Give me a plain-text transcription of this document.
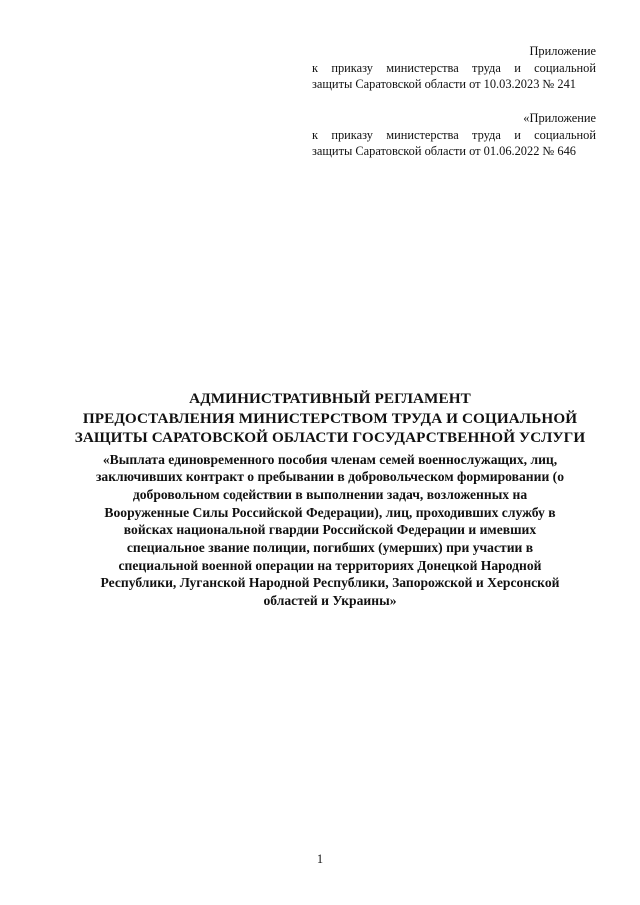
Приложение
к приказу министерства труда и социальной
защиты Саратовской области от 10.03.2023 № 241
«Приложение
к приказу министерства труда и социальной
защиты Саратовской области от 01.06.2022 № 646
АДМИНИСТРАТИВНЫЙ РЕГЛАМЕНТ
ПРЕДОСТАВЛЕНИЯ МИНИСТЕРСТВОМ ТРУДА И СОЦИАЛЬНОЙ
ЗАЩИТЫ САРАТОВСКОЙ ОБЛАСТИ ГОСУДАРСТВЕННОЙ УСЛУГИ
«Выплата единовременного пособия членам семей военнослужащих, лиц,
заключивших контракт о пребывании в добровольческом формировании (о
добровольном содействии в выполнении задач, возложенных на
Вооруженные Силы Российской Федерации), лиц, проходивших службу в
войсках национальной гвардии Российской Федерации и имевших
специальное звание полиции, погибших (умерших) при участии в
специальной военной операции на территориях Донецкой Народной
Республики, Луганской Народной Республики, Запорожской и Херсонской
областей и Украины»
1
